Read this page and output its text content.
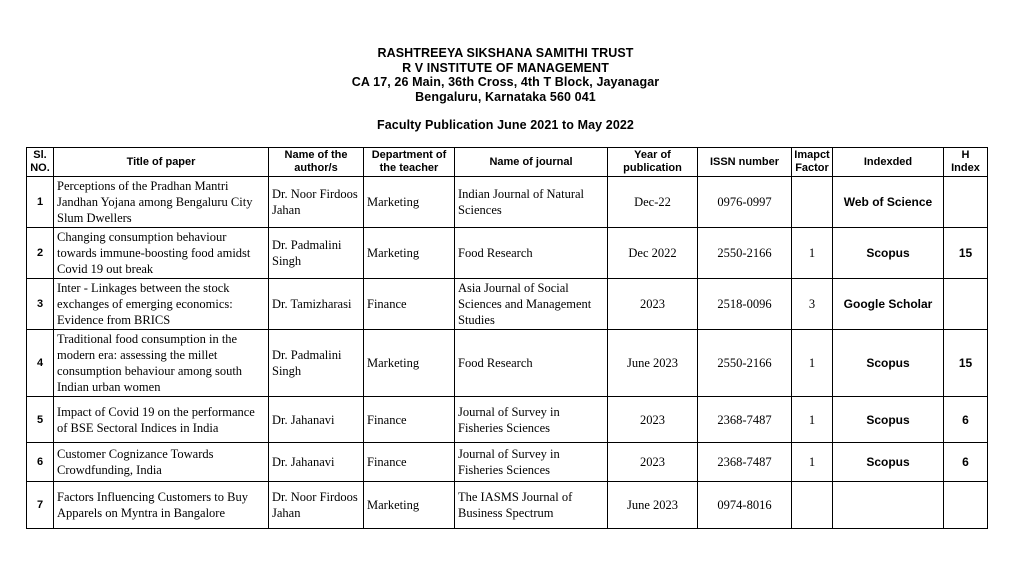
RASHTREEYA SIKSHANA SAMITHI TRUST
R V INSTITUTE OF MANAGEMENT
CA 17, 26 Main, 36th Cross, 4th T Block, Jayanagar
Bengaluru, Karnataka 560 041
Faculty Publication June 2021 to May 2022
Sl. NO.	Title of paper	Name of the author/s	Department of the teacher	Name of journal	Year of publication	ISSN number	Imapct Factor	Indexded	H Index
1	Perceptions of the Pradhan Mantri Jandhan Yojana among Bengaluru City Slum Dwellers	Dr. Noor Firdoos Jahan	Marketing	Indian Journal of Natural Sciences	Dec-22	0976-0997		Web of Science	
2	Changing consumption behaviour towards immune-boosting food amidst Covid 19 out break	Dr. Padmalini Singh	Marketing	Food Research	Dec 2022	2550-2166	1	Scopus	15
3	Inter - Linkages between the stock exchanges of emerging economics: Evidence from BRICS	Dr. Tamizharasi	Finance	Asia Journal of Social Sciences and Management Studies	2023	2518-0096	3	Google Scholar	
4	Traditional food consumption in the modern era: assessing the millet consumption behaviour among south Indian urban women	Dr. Padmalini Singh	Marketing	Food Research	June 2023	2550-2166	1	Scopus	15
5	Impact of Covid 19 on the performance of BSE Sectoral Indices in India	Dr. Jahanavi	Finance	Journal of Survey in Fisheries Sciences	2023	2368-7487	1	Scopus	6
6	Customer Cognizance Towards Crowdfunding, India	Dr. Jahanavi	Finance	Journal of Survey in Fisheries Sciences	2023	2368-7487	1	Scopus	6
7	Factors Influencing Customers to Buy Apparels on Myntra in Bangalore	Dr. Noor Firdoos Jahan	Marketing	The IASMS Journal of Business Spectrum	June 2023	0974-8016			
